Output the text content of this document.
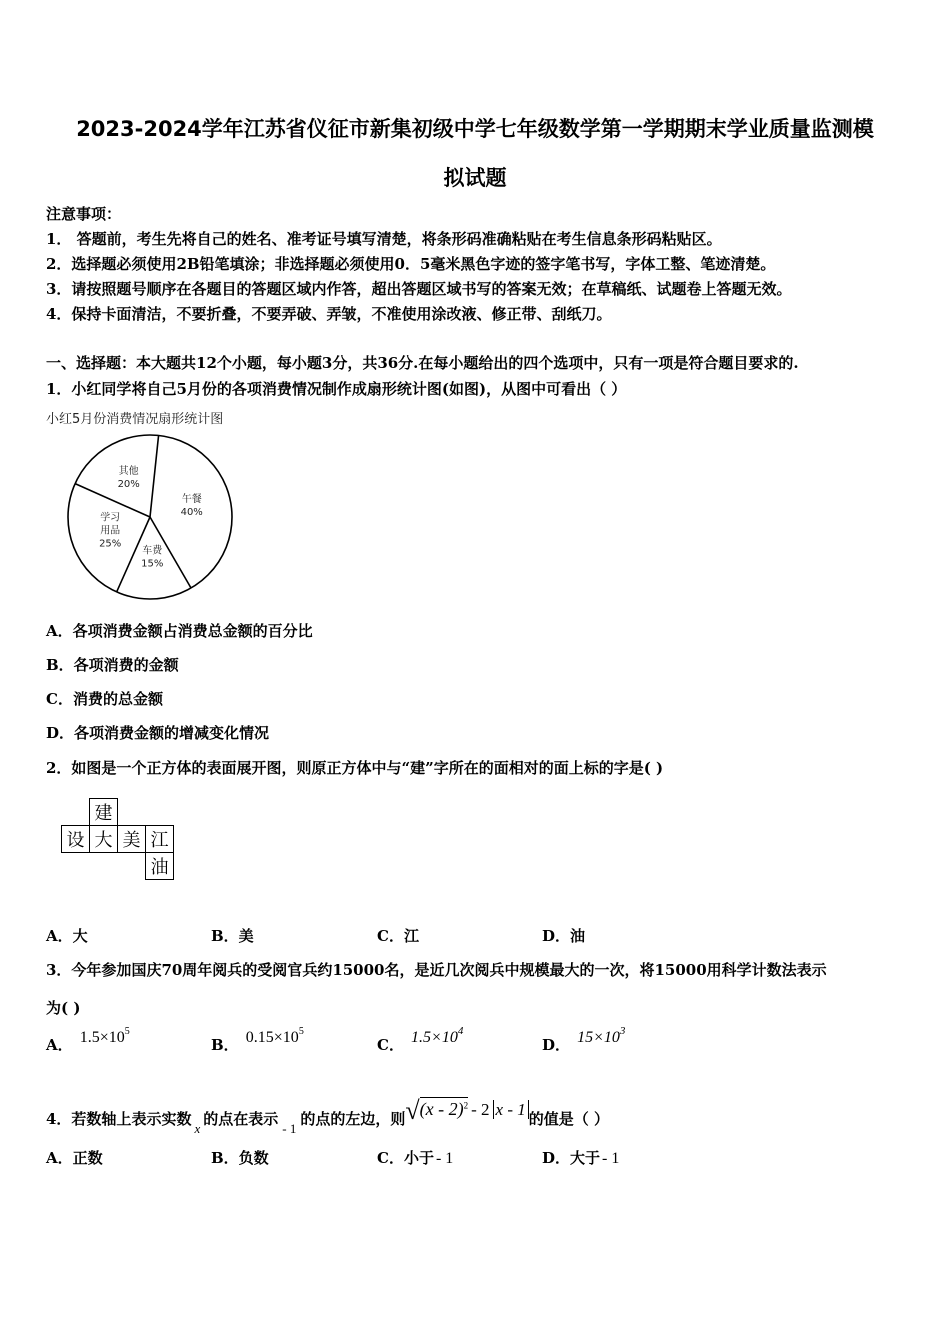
2023-2024学年江苏省仪征市新集初级中学七年级数学第一学期期末学业质量监测模
拟试题
注意事项：
1． 答题前，考生先将自己的姓名、准考证号填写清楚，将条形码准确粘贴在考生信息条形码粘贴区。
2．选择题必须使用2B铅笔填涂；非选择题必须使用0．5毫米黑色字迹的签字笔书写，字体工整、笔迹清楚。
3．请按照题号顺序在各题目的答题区域内作答，超出答题区域书写的答案无效；在草稿纸、试题卷上答题无效。
4．保持卡面清洁，不要折叠，不要弄破、弄皱，不准使用涂改液、修正带、刮纸刀。
一、选择题：本大题共12个小题，每小题3分，共36分.在每小题给出的四个选项中，只有一项是符合题目要求的.
1．小红同学将自己5月份的各项消费情况制作成扇形统计图(如图)，从图中可看出（ ）
小红5月份消费情况扇形统计图
午餐 40%
车费 15%
学习用品 25%
其他 20%
A．各项消费金额占消费总金额的百分比
B．各项消费的金额
C．消费的总金额
D．各项消费金额的增减变化情况
2．如图是一个正方体的表面展开图，则原正方体中与“建”字所在的面相对的面上标的字是( )
	建		
设	大	美	江
			油
A．大	B．美	C．江	D．油
3．今年参加国庆70周年阅兵的受阅官兵约15000名，是近几次阅兵中规模最大的一次，将15000用科学计数法表示
为( )
A． $1.5\times 10^5$
B． $0.15\times 10^5$
C． $1.5\times 10^4$
D． $15\times 10^3$
4．若数轴上表示实数$_x$的点在表示$_{- 1}$的点的左边，则√(x - 2)$^2$ - 2 x - 1 的值是（ ）
A．正数	B．负数	C．小于 - 1	D．大于 - 1
